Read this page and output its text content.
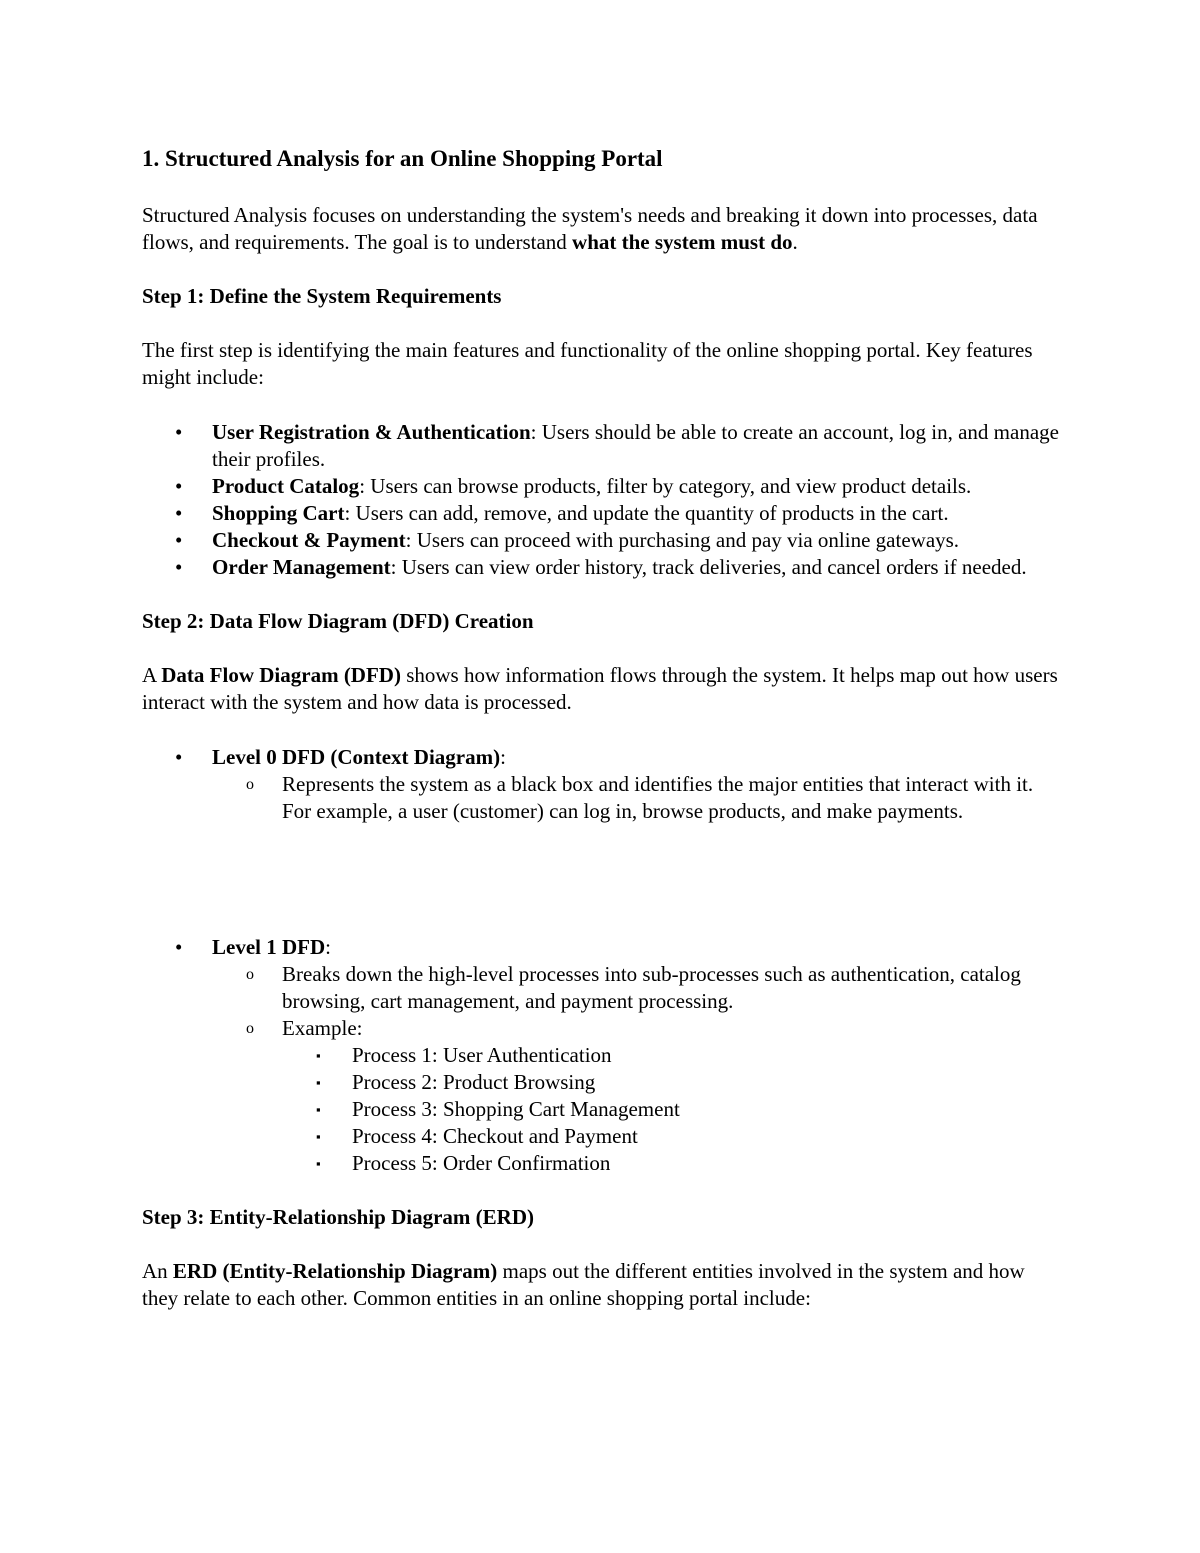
1. Structured Analysis for an Online Shopping Portal

Structured Analysis focuses on understanding the system's needs and breaking it down into processes, data flows, and requirements. The goal is to understand what the system must do.

Step 1: Define the System Requirements

The first step is identifying the main features and functionality of the online shopping portal. Key features might include:

• User Registration & Authentication: Users should be able to create an account, log in, and manage their profiles.
• Product Catalog: Users can browse products, filter by category, and view product details.
• Shopping Cart: Users can add, remove, and update the quantity of products in the cart.
• Checkout & Payment: Users can proceed with purchasing and pay via online gateways.
• Order Management: Users can view order history, track deliveries, and cancel orders if needed.

Step 2: Data Flow Diagram (DFD) Creation

A Data Flow Diagram (DFD) shows how information flows through the system. It helps map out how users interact with the system and how data is processed.

• Level 0 DFD (Context Diagram):
o Represents the system as a black box and identifies the major entities that interact with it. For example, a user (customer) can log in, browse products, and make payments.
• Level 1 DFD:
o Breaks down the high-level processes into sub-processes such as authentication, catalog browsing, cart management, and payment processing.
o Example:
▪ Process 1: User Authentication
▪ Process 2: Product Browsing
▪ Process 3: Shopping Cart Management
▪ Process 4: Checkout and Payment
▪ Process 5: Order Confirmation

Step 3: Entity-Relationship Diagram (ERD)

An ERD (Entity-Relationship Diagram) maps out the different entities involved in the system and how they relate to each other. Common entities in an online shopping portal include:
